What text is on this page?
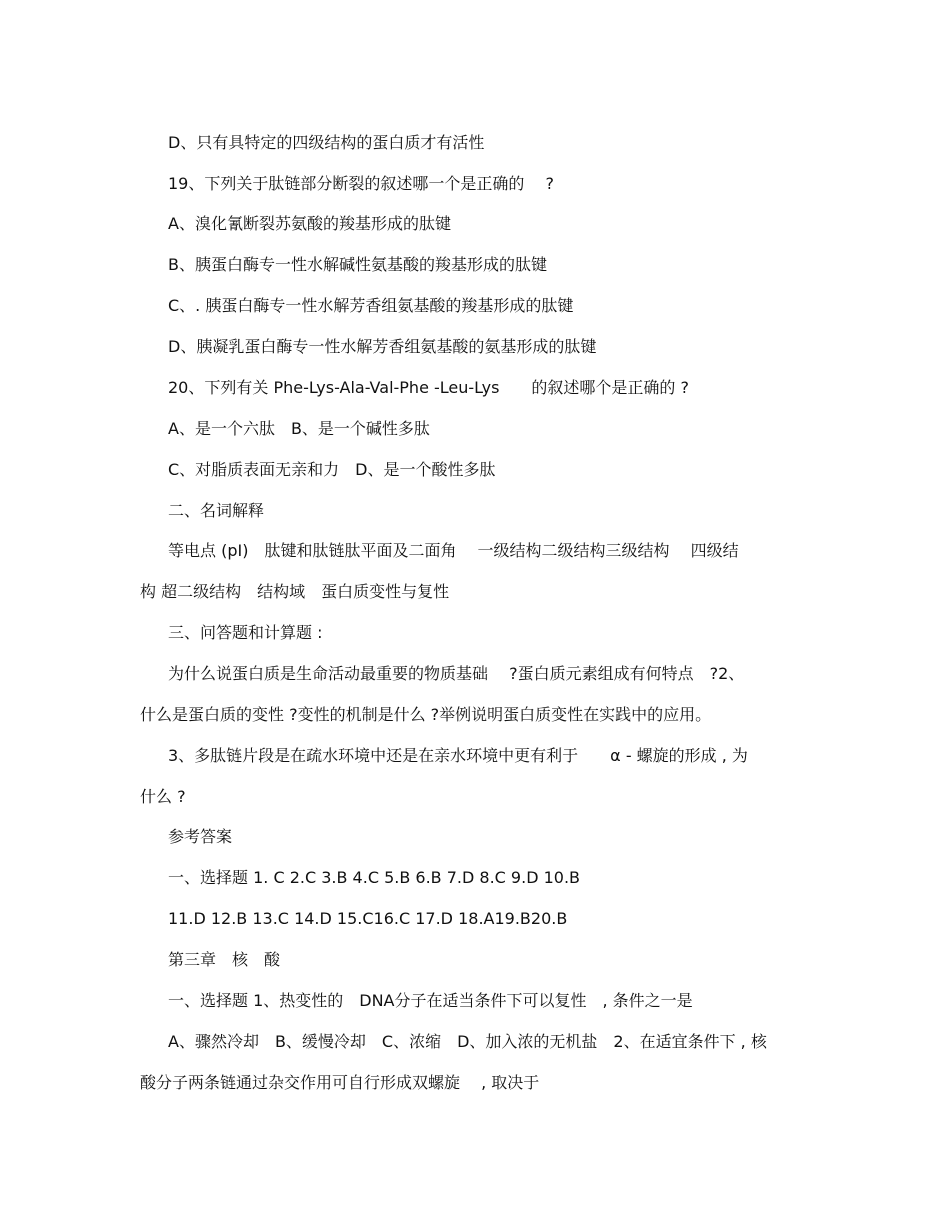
D、只有具特定的四级结构的蛋白质才有活性
19、下列关于肽链部分断裂的叙述哪一个是正确的　 ?
A、溴化氰断裂苏氨酸的羧基形成的肽键
B、胰蛋白酶专一性水解碱性氨基酸的羧基形成的肽键
C、. 胰蛋白酶专一性水解芳香组氨基酸的羧基形成的肽键
D、胰凝乳蛋白酶专一性水解芳香组氨基酸的氨基形成的肽键
20、下列有关 Phe-Lys-Ala-Val-Phe -Leu-Lys　　的叙述哪个是正确的 ?
A、是一个六肽　B、是一个碱性多肽
C、对脂质表面无亲和力　D、是一个酸性多肽
二、名词解释
等电点 (pI)　肽键和肽链肽平面及二面角　 一级结构二级结构三级结构　 四级结
构 超二级结构　结构域　蛋白质变性与复性
三、问答题和计算题 :
为什么说蛋白质是生命活动最重要的物质基础　 ?蛋白质元素组成有何特点　?2、
什么是蛋白质的变性 ?变性的机制是什么 ?举例说明蛋白质变性在实践中的应用。
3、多肽链片段是在疏水环境中还是在亲水环境中更有利于　　α - 螺旋的形成 , 为
什么 ?
参考答案
一、选择题 1. C 2.C 3.B 4.C 5.B 6.B 7.D 8.C 9.D 10.B
11.D 12.B 13.C 14.D 15.C16.C 17.D 18.A19.B20.B
第三章　核　酸
一、选择题 1、热变性的　DNA分子在适当条件下可以复性　, 条件之一是
A、骤然冷却　B、缓慢冷却　C、浓缩　D、加入浓的无机盐　2、在适宜条件下 , 核
酸分子两条链通过杂交作用可自行形成双螺旋　 , 取决于
